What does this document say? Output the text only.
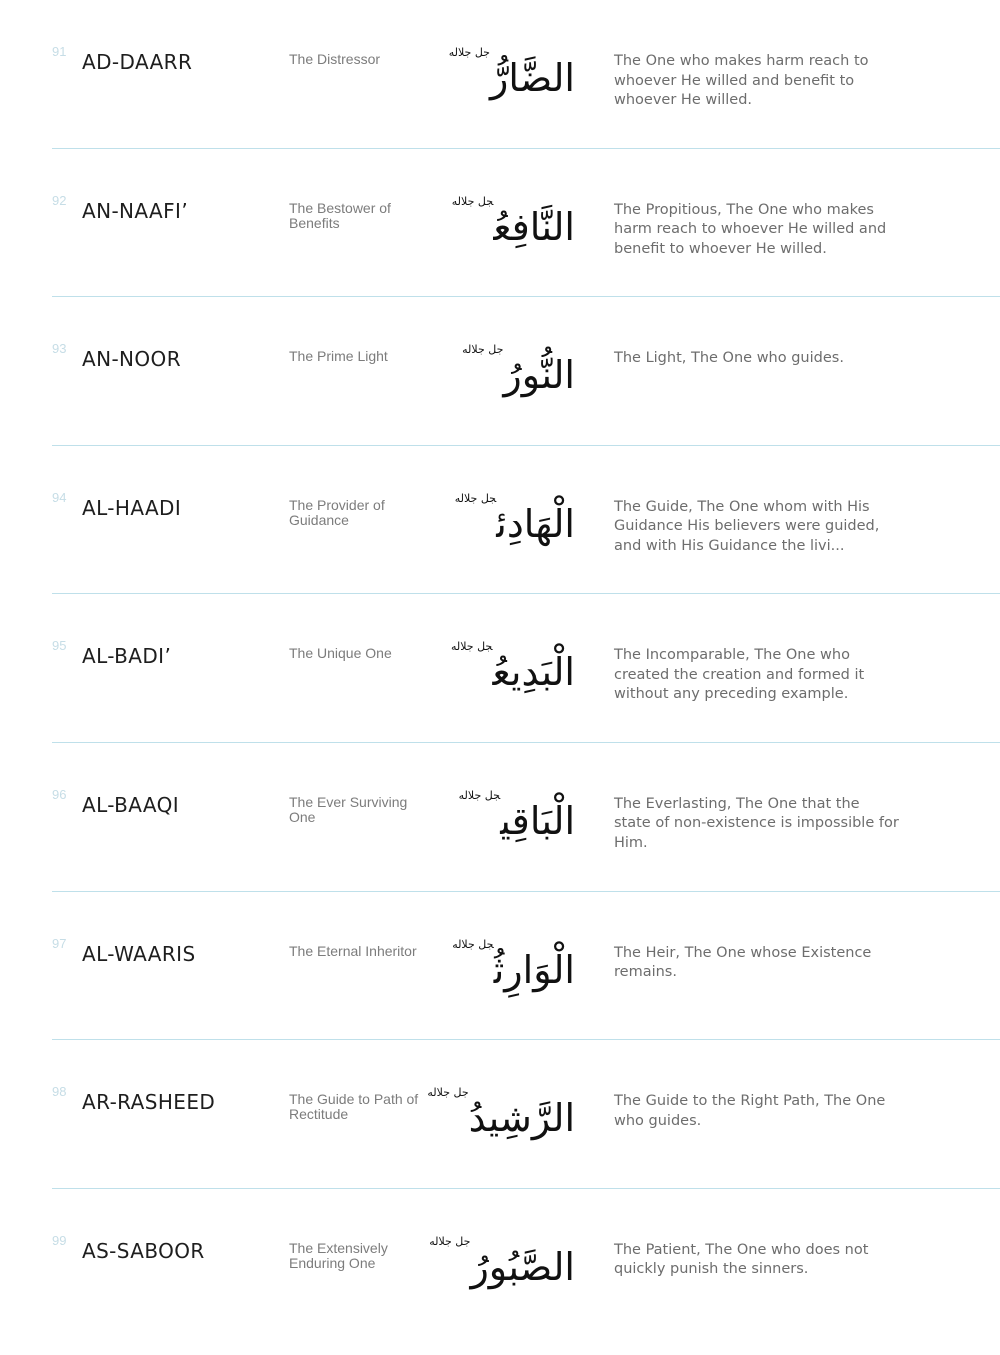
91 AD-DAARR	The Distressor	الضَّارُّ$^{جل جلاله}$
The One who makes harm reach to whoever He willed and benefit to whoever He willed.
92 AN-NAAFI’	The Bestower of Benefits	النَّافِعُ$^{جل جلاله}$
The Propitious, The One who makes harm reach to whoever He willed and benefit to whoever He willed.
93 AN-NOOR	The Prime Light	النُّورُ$^{جل جلاله}$
The Light, The One who guides.
94 AL-HAADI	The Provider of Guidance	الْهَادِئ$^{جل جلاله}$
The Guide, The One whom with His Guidance His believers were guided, and with His Guidance the livi...
95 AL-BADI’	The Unique One	الْبَدِيعُ$^{جل جلاله}$
The Incomparable, The One who created the creation and formed it without any preceding example.
96 AL-BAAQI	The Ever Surviving One	الْبَاقِي$^{جل جلاله}$
The Everlasting, The One that the state of non-existence is impossible for Him.
97 AL-WAARIS	The Eternal Inheritor	الْوَارِثُ$^{جل جلاله}$
The Heir, The One whose Existence remains.
98 AR-RASHEED	The Guide to Path of Rectitude	الرَّشِيدُ$^{جل جلاله}$
The Guide to the Right Path, The One who guides.
99 AS-SABOOR	The Extensively Enduring One	الصَّبُورُ$^{جل جلاله}$
The Patient, The One who does not quickly punish the sinners.
